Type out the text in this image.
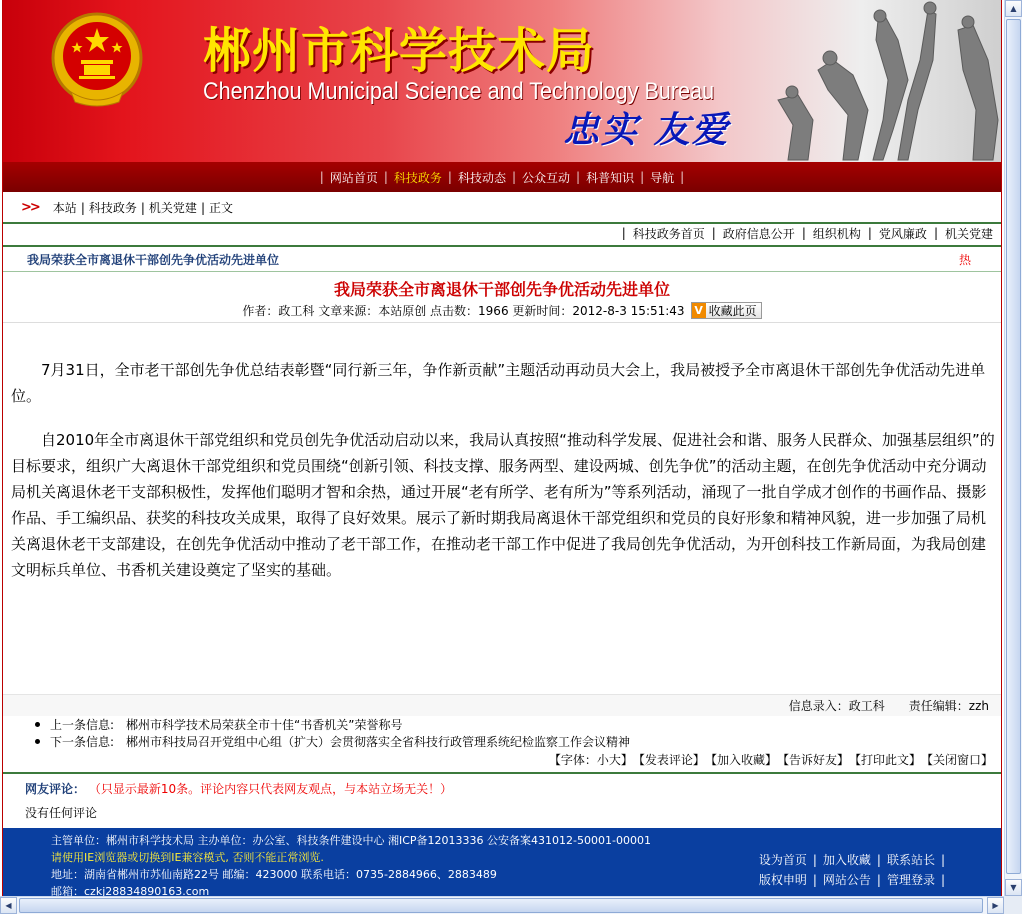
郴州市科学技术局
Chenzhou Municipal Science and Technology Bureau
忠实 友爱
| 网站首页 | 科技政务 | 科技动态 | 公众互动 | 科普知识 | 导航 |
>> 本站 | 科技政务 | 机关党建 | 正文
| 科技政务首页 | 政府信息公开 | 组织机构 | 党风廉政 | 机关党建
我局荣获全市离退休干部创先争优活动先进单位	热
我局荣获全市离退休干部创先争优活动先进单位
作者：政工科 文章来源：本站原创 点击数：1966 更新时间：2012-8-3 15:51:43 V 收藏此页

7月31日，全市老干部创先争优总结表彰暨“同行新三年，争作新贡献”主题活动再动员大会上，我局被授予全市离退休干部创先争优活动先进单位。

自2010年全市离退休干部党组织和党员创先争优活动启动以来，我局认真按照“推动科学发展、促进社会和谐、服务人民群众、加强基层组织”的目标要求，组织广大离退休干部党组织和党员围绕“创新引领、科技支撑、服务两型、建设两城、创先争优”的活动主题，在创先争优活动中充分调动局机关离退休老干支部积极性，发挥他们聪明才智和余热，通过开展“老有所学、老有所为”等系列活动，涌现了一批自学成才创作的书画作品、摄影作品、手工编织品、获奖的科技攻关成果，取得了良好效果。展示了新时期我局离退休干部党组织和党员的良好形象和精神风貌，进一步加强了局机关离退休老干支部建设，在创先争优活动中推动了老干部工作，在推动老干部工作中促进了我局创先争优活动，为开创科技工作新局面，为我局创建文明标兵单位、书香机关建设奠定了坚实的基础。

信息录入：政工科 责任编辑：zzh
上一条信息: 郴州市科学技术局荣获全市十佳“书香机关”荣誉称号
下一条信息: 郴州市科技局召开党组中心组（扩大）会贯彻落实全省科技行政管理系统纪检监察工作会议精神
【字体： 小 大】 【发表评论】 【加入收藏】 【告诉好友】 【打印此文】 【关闭窗口】
网友评论： （只显示最新10条。评论内容只代表网友观点，与本站立场无关！）
没有任何评论
主管单位：郴州市科学技术局 主办单位：办公室、科技条件建设中心 湘ICP备12013336 公安备案431012-50001-00001
请使用IE浏览器或切换到IE兼容模式, 否则不能正常浏览.
地址：湖南省郴州市苏仙南路22号 邮编：423000 联系电话：0735-2884966、2883489
邮箱：czkj28834890163.com
设为首页 | 加入收藏 | 联系站长 |
版权申明 | 网站公告 | 管理登录 |
▲
▼
◀	▶
